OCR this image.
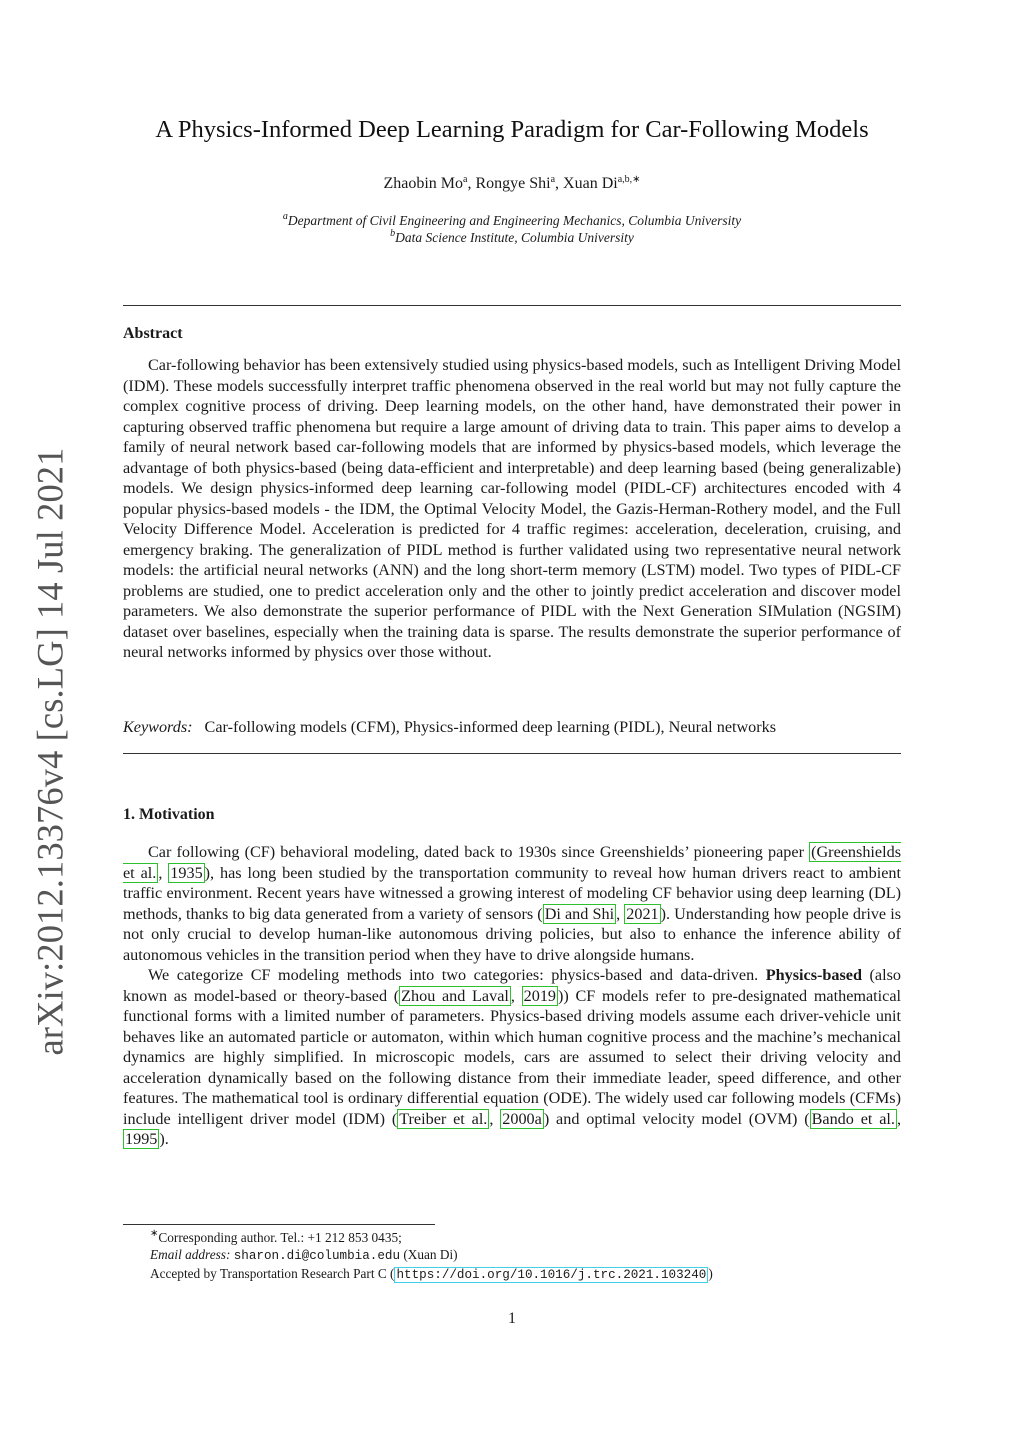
arXiv:2012.13376v4 [cs.LG] 14 Jul 2021
A Physics-Informed Deep Learning Paradigm for Car-Following Models
Zhaobin Mo$^a$, Rongye Shi$^a$, Xuan $Di^{a,b,∗}$
$^a$Department of Civil Engineering and Engineering Mechanics, Columbia University
$^b$Data Science Institute, Columbia University
Abstract

Car-following behavior has been extensively studied using physics-based models, such as Intelligent Driving Model (IDM). These models successfully interpret traffic phenomena observed in the real world but may not fully capture the complex cognitive process of driving. Deep learning models, on the other hand, have demonstrated their power in capturing observed traffic phenomena but require a large amount of driving data to train. This paper aims to develop a family of neural network based car-following models that are informed by physics-based models, which leverage the advantage of both physics-based (being data-efficient and interpretable) and deep learning based (being generalizable) models. We design physics-informed deep learning car-following model (PIDL-CF) architectures encoded with 4 popular physics-based models - the IDM, the Optimal Velocity Model, the Gazis-Herman-Rothery model, and the Full Velocity Difference Model. Acceleration is predicted for 4 traffic regimes: acceleration, deceleration, cruising, and emergency braking. The generalization of PIDL method is further validated using two representative neural network models: the artificial neural networks (ANN) and the long short-term memory (LSTM) model. Two types of PIDL-CF problems are studied, one to predict acceleration only and the other to jointly predict acceleration and discover model parameters. We also demonstrate the superior performance of PIDL with the Next Generation SIMulation (NGSIM) dataset over baselines, especially when the training data is sparse. The results demonstrate the superior performance of neural networks informed by physics over those without.

Keywords: Car-following models (CFM), Physics-informed deep learning (PIDL), Neural networks
1. Motivation

Car following (CF) behavioral modeling, dated back to 1930s since Greenshields’ pioneering paper (Greenshields et al. , 1935 ), has long been studied by the transportation community to reveal how human drivers react to ambient traffic environment. Recent years have witnessed a growing interest of modeling CF behavior using deep learning (DL) methods, thanks to big data generated from a variety of sensors ( Di and Shi , 2021 ). Understanding how people drive is not only crucial to develop human-like autonomous driving policies, but also to enhance the inference ability of autonomous vehicles in the transition period when they have to drive alongside humans.

We categorize CF modeling methods into two categories: physics-based and data-driven. Physics-based (also known as model-based or theory-based ( Zhou and Laval , 2019 )) CF models refer to pre-designated mathematical functional forms with a limited number of parameters. Physics-based driving models assume each driver-vehicle unit behaves like an automated particle or automaton, within which human cognitive process and the machine’s mechanical dynamics are highly simplified. In microscopic models, cars are assumed to select their driving velocity and acceleration dynamically based on the following distance from their immediate leader, speed difference, and other features. The mathematical tool is ordinary differential equation (ODE). The widely used car following models (CFMs) include intelligent driver model (IDM) ( Treiber et al. , 2000a ) and optimal velocity model (OVM) ( Bando et al. , 1995 ).

∗Corresponding author. Tel.: +1 212 853 0435;
Email address: sharon.di@columbia.edu (Xuan Di)
Accepted by Transportation Research Part C ( https://doi.org/10.1016/j.trc.2021.103240 )
1
